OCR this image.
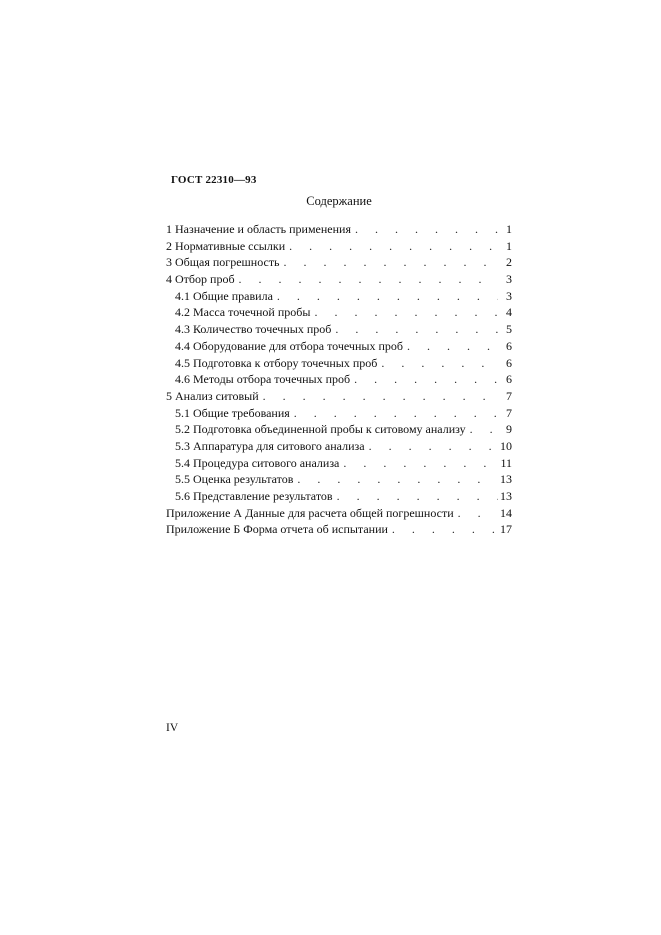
ГОСТ 22310—93
Содержание
1 Назначение и область применения . . .	1
2 Нормативные ссылки . . .	1
3 Общая погрешность . . .	2
4 Отбор проб . . .	3
4.1 Общие правила . . .	3
4.2 Масса точечной пробы . . .	4
4.3 Количество точечных проб . . .	5
4.4 Оборудование для отбора точечных проб . . .	6
4.5 Подготовка к отбору точечных проб . . .	6
4.6 Методы отбора точечных проб . . .	6
5 Анализ ситовый . . .	7
5.1 Общие требования . . .	7
5.2 Подготовка объединенной пробы к ситовому анализу . . .	9
5.3 Аппаратура для ситового анализа . . .	10
5.4 Процедура ситового анализа . . .	11
5.5 Оценка результатов . . .	13
5.6 Представление результатов . . .	13
Приложение А Данные для расчета общей погрешности . . .	14
Приложение Б Форма отчета об испытании . . .	17
IV
